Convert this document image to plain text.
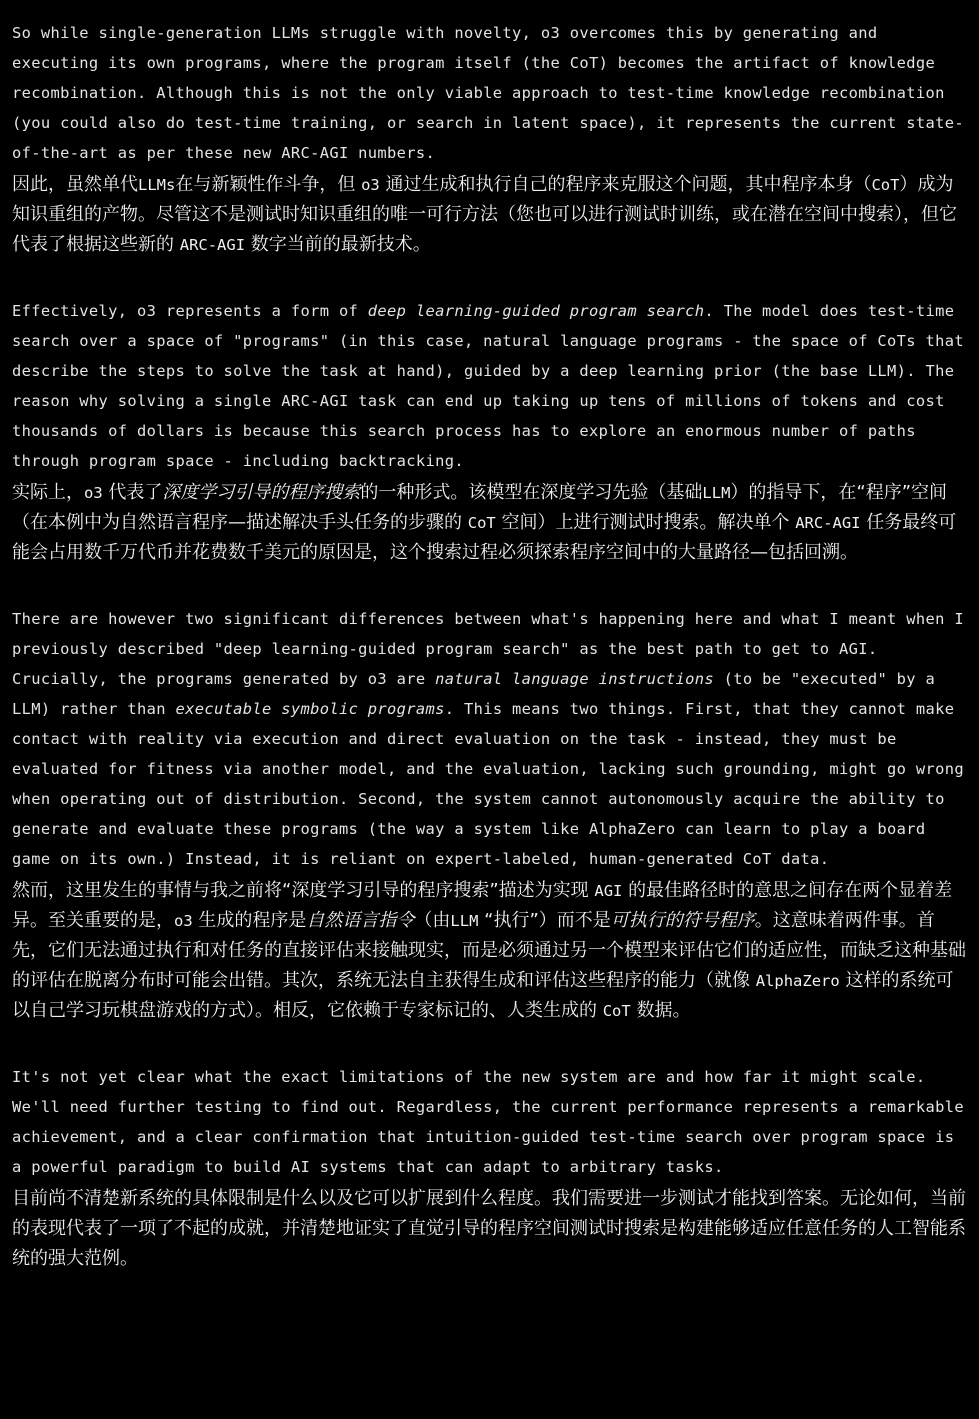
So while single-generation LLMs struggle with novelty, o3 overcomes this by generating and executing its own programs, where the program itself (the CoT) becomes the artifact of knowledge recombination. Although this is not the only viable approach to test-time knowledge recombination (you could also do test-time training, or search in latent space), it represents the current state-of-the-art as per these new ARC-AGI numbers.

因此，虽然单代LLMs在与新颖性作斗争，但 o3 通过生成和执行自己的程序来克服这个问题，其中程序本身（CoT）成为知识重组的产物。尽管这不是测试时知识重组的唯一可行方法（您也可以进行测试时训练，或在潜在空间中搜索），但它代表了根据这些新的 ARC-AGI 数字当前的最新技术。

Effectively, o3 represents a form of deep learning-guided program search. The model does test-time search over a space of "programs" (in this case, natural language programs - the space of CoTs that describe the steps to solve the task at hand), guided by a deep learning prior (the base LLM). The reason why solving a single ARC-AGI task can end up taking up tens of millions of tokens and cost thousands of dollars is because this search process has to explore an enormous number of paths through program space - including backtracking.

实际上，o3 代表了深度学习引导的程序搜索的一种形式。该模型在深度学习先验（基础LLM）的指导下，在“程序”空间（在本例中为自然语言程序—描述解决手头任务的步骤的 CoT 空间）上进行测试时搜索。解决单个 ARC-AGI 任务最终可能会占用数千万代币并花费数千美元的原因是，这个搜索过程必须探索程序空间中的大量路径—包括回溯。

There are however two significant differences between what's happening here and what I meant when I previously described "deep learning-guided program search" as the best path to get to AGI. Crucially, the programs generated by o3 are natural language instructions (to be "executed" by a LLM) rather than executable symbolic programs. This means two things. First, that they cannot make contact with reality via execution and direct evaluation on the task - instead, they must be evaluated for fitness via another model, and the evaluation, lacking such grounding, might go wrong when operating out of distribution. Second, the system cannot autonomously acquire the ability to generate and evaluate these programs (the way a system like AlphaZero can learn to play a board game on its own.) Instead, it is reliant on expert-labeled, human-generated CoT data.

然而，这里发生的事情与我之前将“深度学习引导的程序搜索”描述为实现 AGI 的最佳路径时的意思之间存在两个显着差异。至关重要的是，o3 生成的程序是自然语言指令（由LLM “执行”）而不是可执行的符号程序。这意味着两件事。首先，它们无法通过执行和对任务的直接评估来接触现实，而是必须通过另一个模型来评估它们的适应性，而缺乏这种基础的评估在脱离分布时可能会出错。其次，系统无法自主获得生成和评估这些程序的能力（就像 AlphaZero 这样的系统可以自己学习玩棋盘游戏的方式）。相反，它依赖于专家标记的、人类生成的 CoT 数据。

It's not yet clear what the exact limitations of the new system are and how far it might scale. We'll need further testing to find out. Regardless, the current performance represents a remarkable achievement, and a clear confirmation that intuition-guided test-time search over program space is a powerful paradigm to build AI systems that can adapt to arbitrary tasks.

目前尚不清楚新系统的具体限制是什么以及它可以扩展到什么程度。我们需要进一步测试才能找到答案。无论如何，当前的表现代表了一项了不起的成就，并清楚地证实了直觉引导的程序空间测试时搜索是构建能够适应任意任务的人工智能系统的强大范例。
